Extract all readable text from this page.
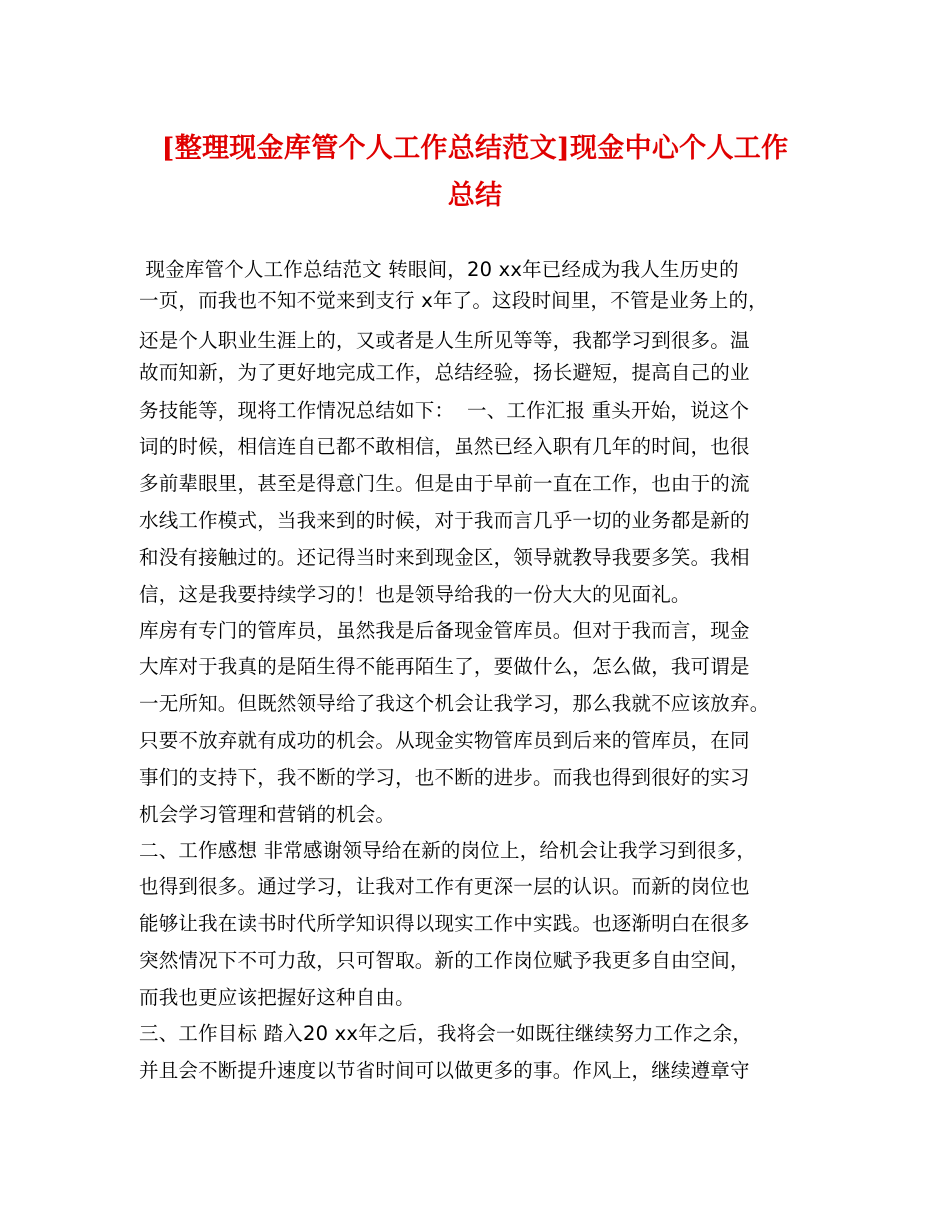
[整理现金库管个人工作总结范文]现金中心个人工作
总结
现金库管个人工作总结范文 转眼间，20 xx年已经成为我人生历史的
一页，而我也不知不觉来到支行 x年了。这段时间里，不管是业务上的，
还是个人职业生涯上的，又或者是人生所见等等，我都学习到很多。温
故而知新，为了更好地完成工作，总结经验，扬长避短，提高自己的业
务技能等，现将工作情况总结如下：  一、工作汇报 重头开始，说这个
词的时候，相信连自已都不敢相信，虽然已经入职有几年的时间，也很
多前辈眼里，甚至是得意门生。但是由于早前一直在工作，也由于的流
水线工作模式，当我来到的时候，对于我而言几乎一切的业务都是新的
和没有接触过的。还记得当时来到现金区，领导就教导我要多笑。我相
信，这是我要持续学习的！也是领导给我的一份大大的见面礼。
库房有专门的管库员，虽然我是后备现金管库员。但对于我而言，现金
大库对于我真的是陌生得不能再陌生了，要做什么，怎么做，我可谓是
一无所知。但既然领导给了我这个机会让我学习，那么我就不应该放弃。
只要不放弃就有成功的机会。从现金实物管库员到后来的管库员，在同
事们的支持下，我不断的学习，也不断的进步。而我也得到很好的实习
机会学习管理和营销的机会。
二、工作感想 非常感谢领导给在新的岗位上，给机会让我学习到很多，
也得到很多。通过学习，让我对工作有更深一层的认识。而新的岗位也
能够让我在读书时代所学知识得以现实工作中实践。也逐渐明白在很多
突然情况下不可力敌，只可智取。新的工作岗位赋予我更多自由空间，
而我也更应该把握好这种自由。
三、工作目标 踏入20 xx年之后，我将会一如既往继续努力工作之余，
并且会不断提升速度以节省时间可以做更多的事。作风上，继续遵章守
